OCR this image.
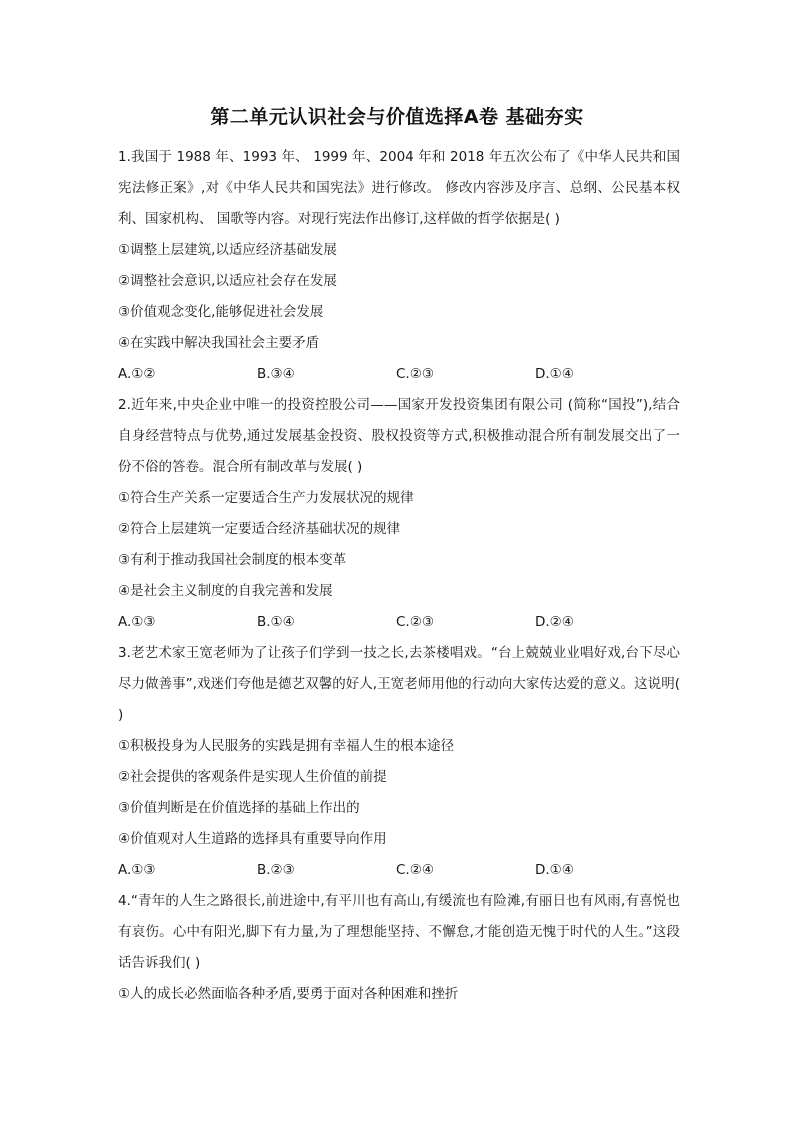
第二单元认识社会与价值选择A卷 基础夯实

1.我国于 1988 年、1993 年、 1999 年、2004 年和 2018 年五次公布了《中华人民共和国宪法修正案》,对《中华人民共和国宪法》进行修改。 修改内容涉及序言、总纲、公民基本权利、国家机构、 国歌等内容。对现行宪法作出修订,这样做的哲学依据是( )

①调整上层建筑,以适应经济基础发展

②调整社会意识,以适应社会存在发展

③价值观念变化,能够促进社会发展

④在实践中解决我国社会主要矛盾

A.①②	B.③④	C.②③	D.①④

2.近年来,中央企业中唯一的投资控股公司——国家开发投资集团有限公司 (简称“国投”),结合自身经营特点与优势,通过发展基金投资、股权投资等方式,积极推动混合所有制发展交出了一份不俗的答卷。混合所有制改革与发展( )

①符合生产关系一定要适合生产力发展状况的规律

②符合上层建筑一定要适合经济基础状况的规律

③有利于推动我国社会制度的根本变革

④是社会主义制度的自我完善和发展

A.①③	B.①④	C.②③	D.②④

3.老艺术家王宽老师为了让孩子们学到一技之长,去茶楼唱戏。“台上兢兢业业唱好戏,台下尽心尽力做善事”,戏迷们夸他是德艺双馨的好人,王宽老师用他的行动向大家传达爱的意义。这说明( )

①积极投身为人民服务的实践是拥有幸福人生的根本途径

②社会提供的客观条件是实现人生价值的前提

③价值判断是在价值选择的基础上作出的

④价值观对人生道路的选择具有重要导向作用

A.①③	B.②③	C.②④	D.①④

4.“青年的人生之路很长,前进途中,有平川也有高山,有缓流也有险滩,有丽日也有风雨,有喜悦也有哀伤。心中有阳光,脚下有力量,为了理想能坚持、不懈怠,才能创造无愧于时代的人生。”这段话告诉我们( )

①人的成长必然面临各种矛盾,要勇于面对各种困难和挫折
